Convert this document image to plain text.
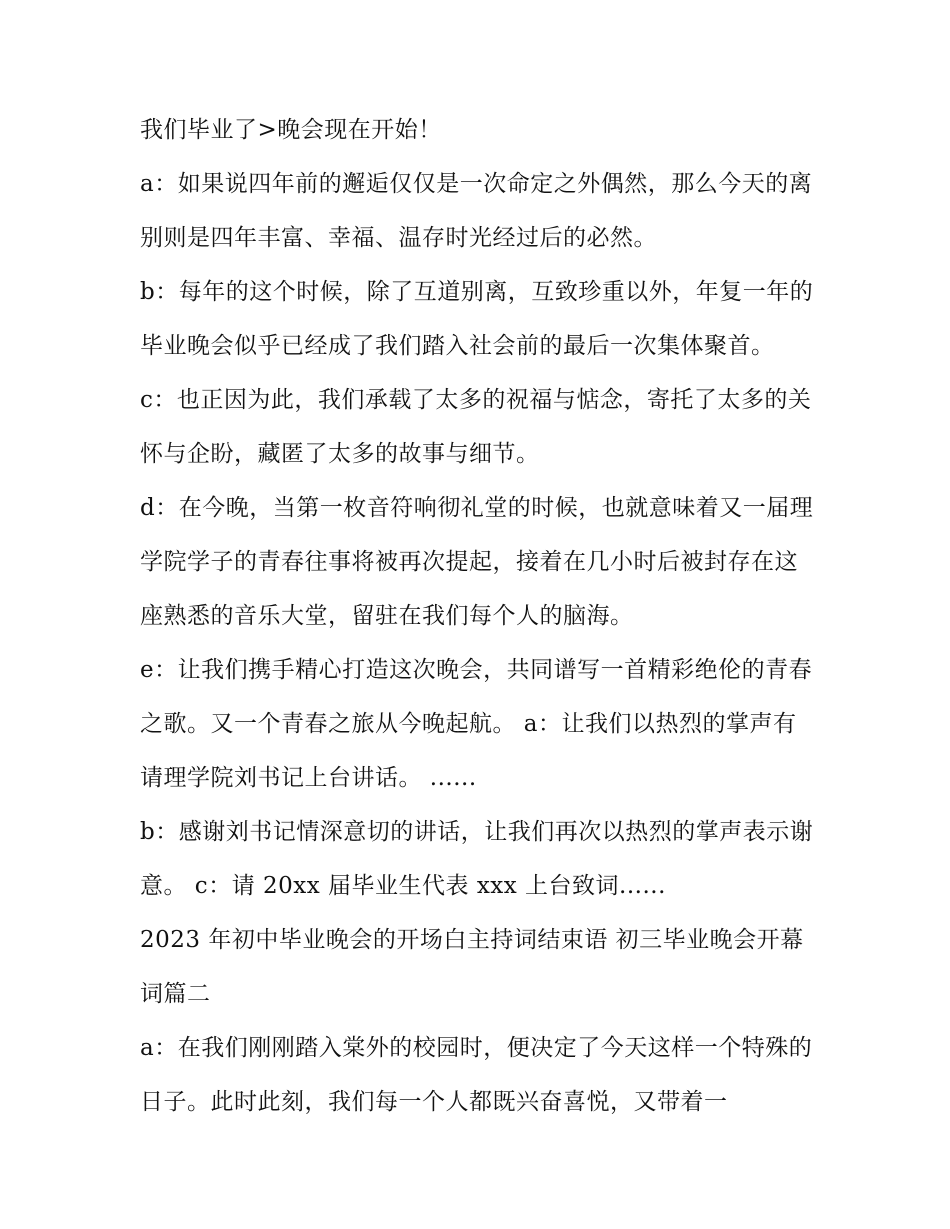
我们毕业了>晚会现在开始！

a：如果说四年前的邂逅仅仅是一次命定之外偶然，那么今天的离别则是四年丰富、幸福、温存时光经过后的必然。

b：每年的这个时候，除了互道别离，互致珍重以外，年复一年的毕业晚会似乎已经成了我们踏入社会前的最后一次集体聚首。

c：也正因为此，我们承载了太多的祝福与惦念，寄托了太多的关怀与企盼，藏匿了太多的故事与细节。

d：在今晚，当第一枚音符响彻礼堂的时候，也就意味着又一届理学院学子的青春往事将被再次提起，接着在几小时后被封存在这座熟悉的音乐大堂，留驻在我们每个人的脑海。

e：让我们携手精心打造这次晚会，共同谱写一首精彩绝伦的青春之歌。又一个青春之旅从今晚起航。 a：让我们以热烈的掌声有请理学院刘书记上台讲话。 ......

b：感谢刘书记情深意切的讲话，让我们再次以热烈的掌声表示谢意。 c：请 20xx 届毕业生代表 xxx 上台致词......

2023 年初中毕业晚会的开场白主持词结束语 初三毕业晚会开幕词篇二

a：在我们刚刚踏入棠外的校园时，便决定了今天这样一个特殊的日子。此时此刻，我们每一个人都既兴奋喜悦，又带着一
